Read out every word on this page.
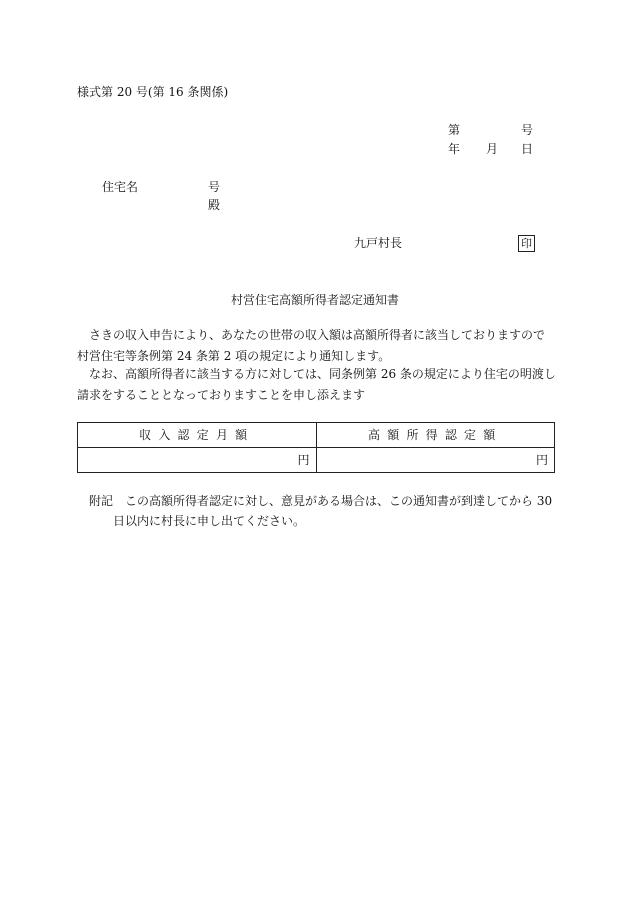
様式第 20 号(第 16 条関係)
第	号
年 月 日
住宅名	号
殿
九戸村長	印
村営住宅高額所得者認定通知書
　さきの収入申告により、あなたの世帯の収入額は高額所得者に該当しておりますので
村営住宅等条例第 24 条第 2 項の規定により通知します。
　なお、高額所得者に該当する方に対しては、同条例第 26 条の規定により住宅の明渡し
請求をすることとなっておりますことを申し添えます
収入認定月額	高額所得認定額
円	円
附記 この高額所得者認定に対し、意見がある場合は、この通知書が到達してから 30
日以内に村長に申し出てください。
